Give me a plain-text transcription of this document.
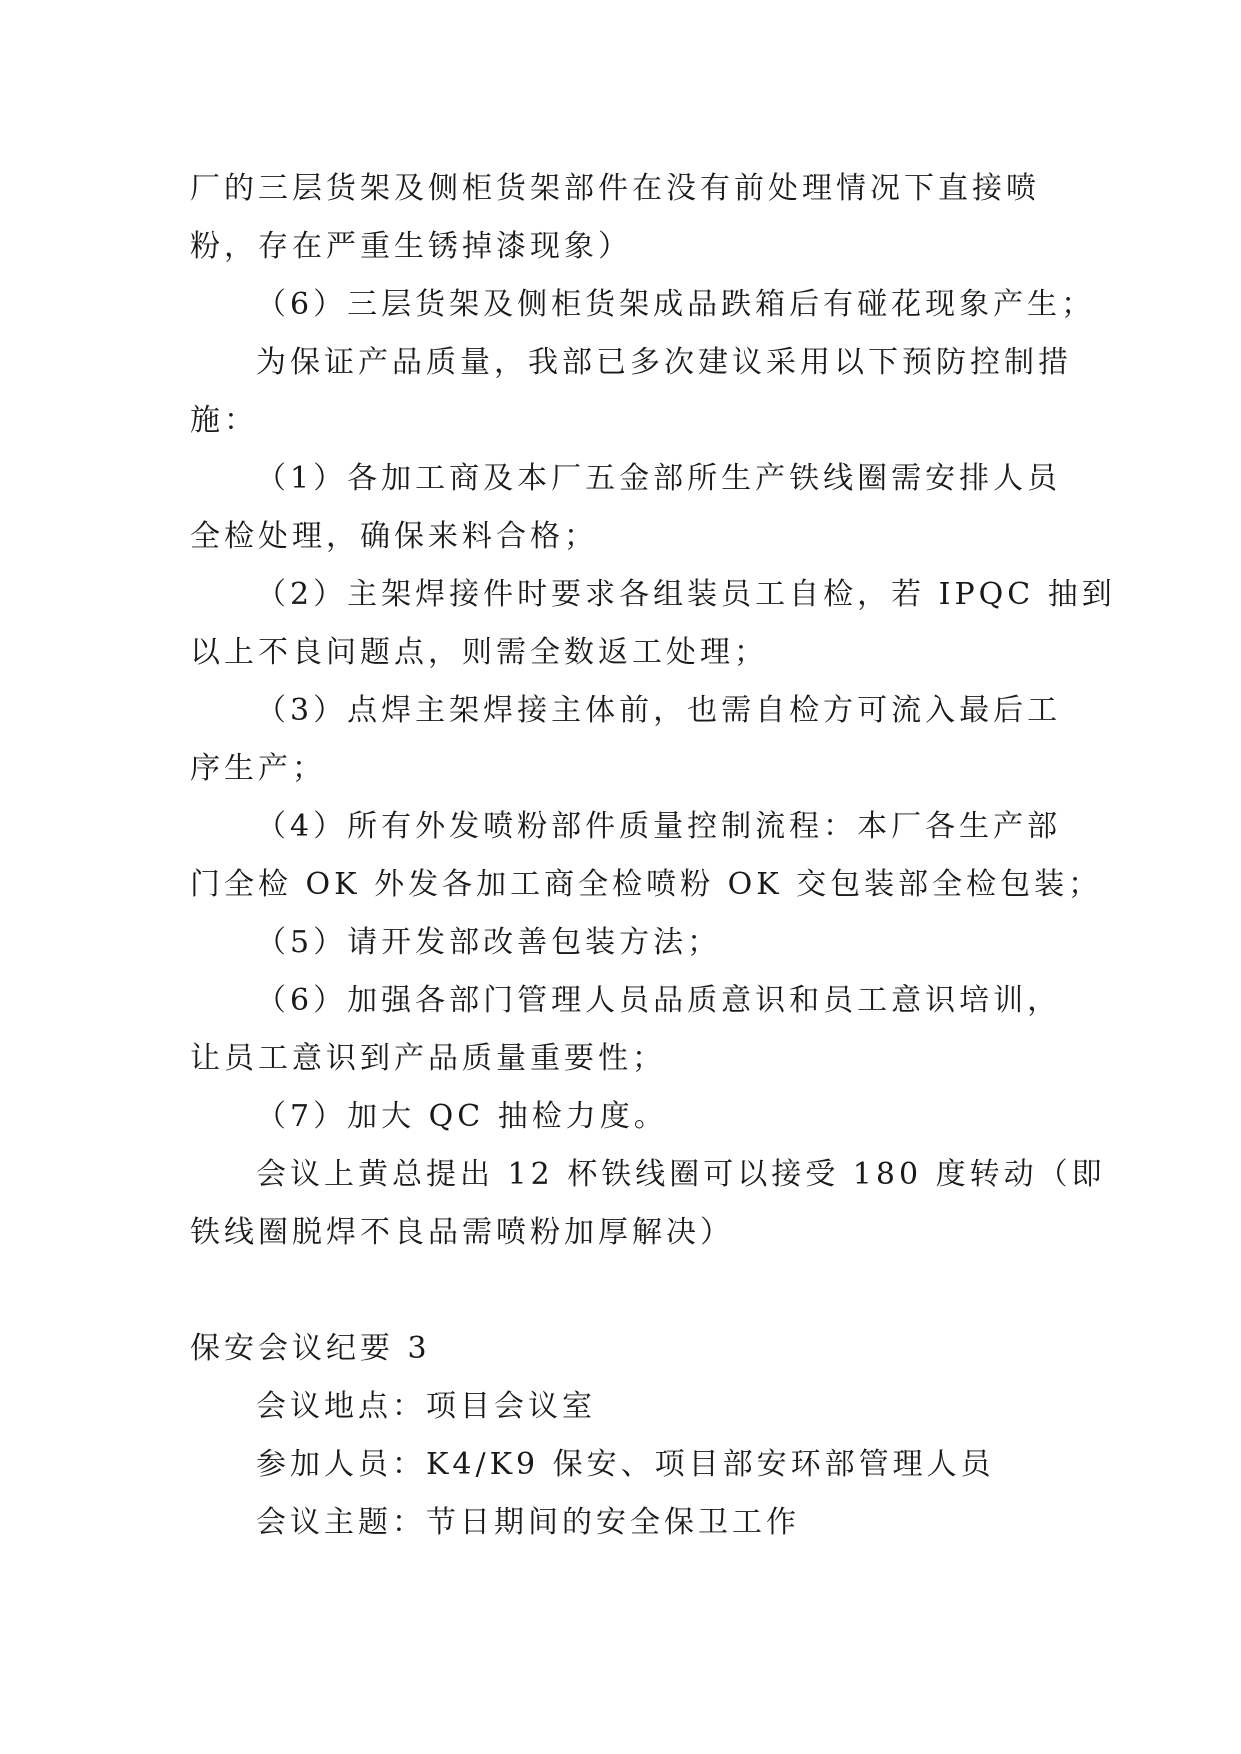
厂的三层货架及侧柜货架部件在没有前处理情况下直接喷
粉，存在严重生锈掉漆现象）
（6）三层货架及侧柜货架成品跌箱后有碰花现象产生；
为保证产品质量，我部已多次建议采用以下预防控制措
施：
（1）各加工商及本厂五金部所生产铁线圈需安排人员
全检处理，确保来料合格；
（2）主架焊接件时要求各组装员工自检，若 IPQC 抽到
以上不良问题点，则需全数返工处理；
（3）点焊主架焊接主体前，也需自检方可流入最后工
序生产；
（4）所有外发喷粉部件质量控制流程：本厂各生产部
门全检 OK 外发各加工商全检喷粉 OK 交包装部全检包装；
（5）请开发部改善包装方法；
（6）加强各部门管理人员品质意识和员工意识培训，
让员工意识到产品质量重要性；
（7）加大 QC 抽检力度。
会议上黄总提出 12 杯铁线圈可以接受 180 度转动（即
铁线圈脱焊不良品需喷粉加厚解决）
保安会议纪要 3
会议地点：项目会议室
参加人员：K4/K9 保安、项目部安环部管理人员
会议主题：节日期间的安全保卫工作
